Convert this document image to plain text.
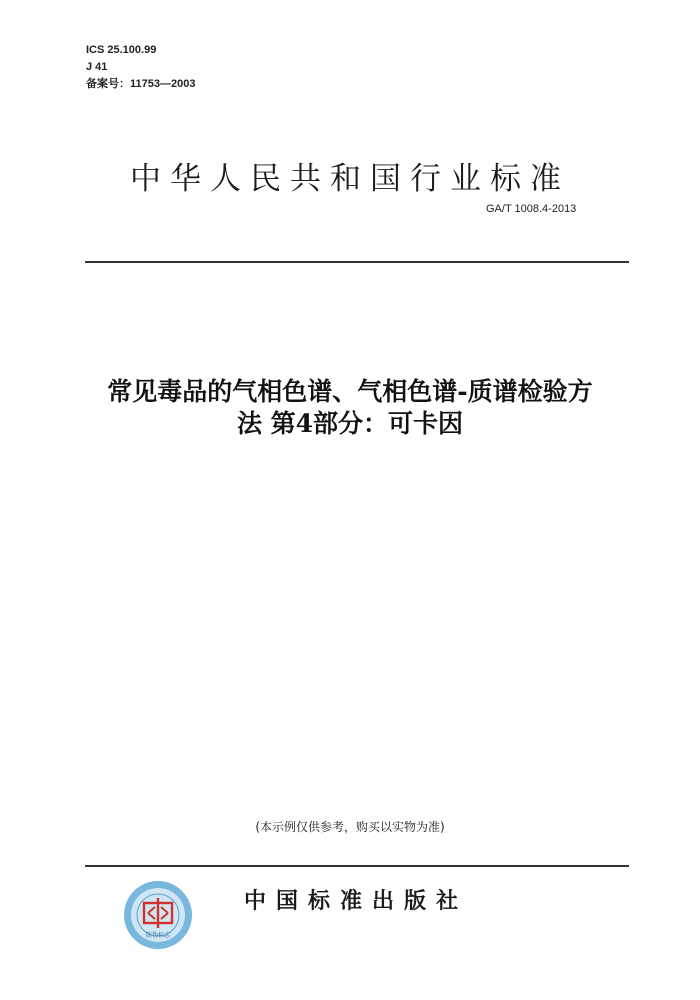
ICS 25.100.99
J 41
备案号：11753—2003
中华人民共和国行业标准
GA/T 1008.4-2013
常见毒品的气相色谱、气相色谱-质谱检验方
法 第4部分：可卡因
(本示例仅供参考，购买以实物为准)
防伪标志
中国标准出版社
